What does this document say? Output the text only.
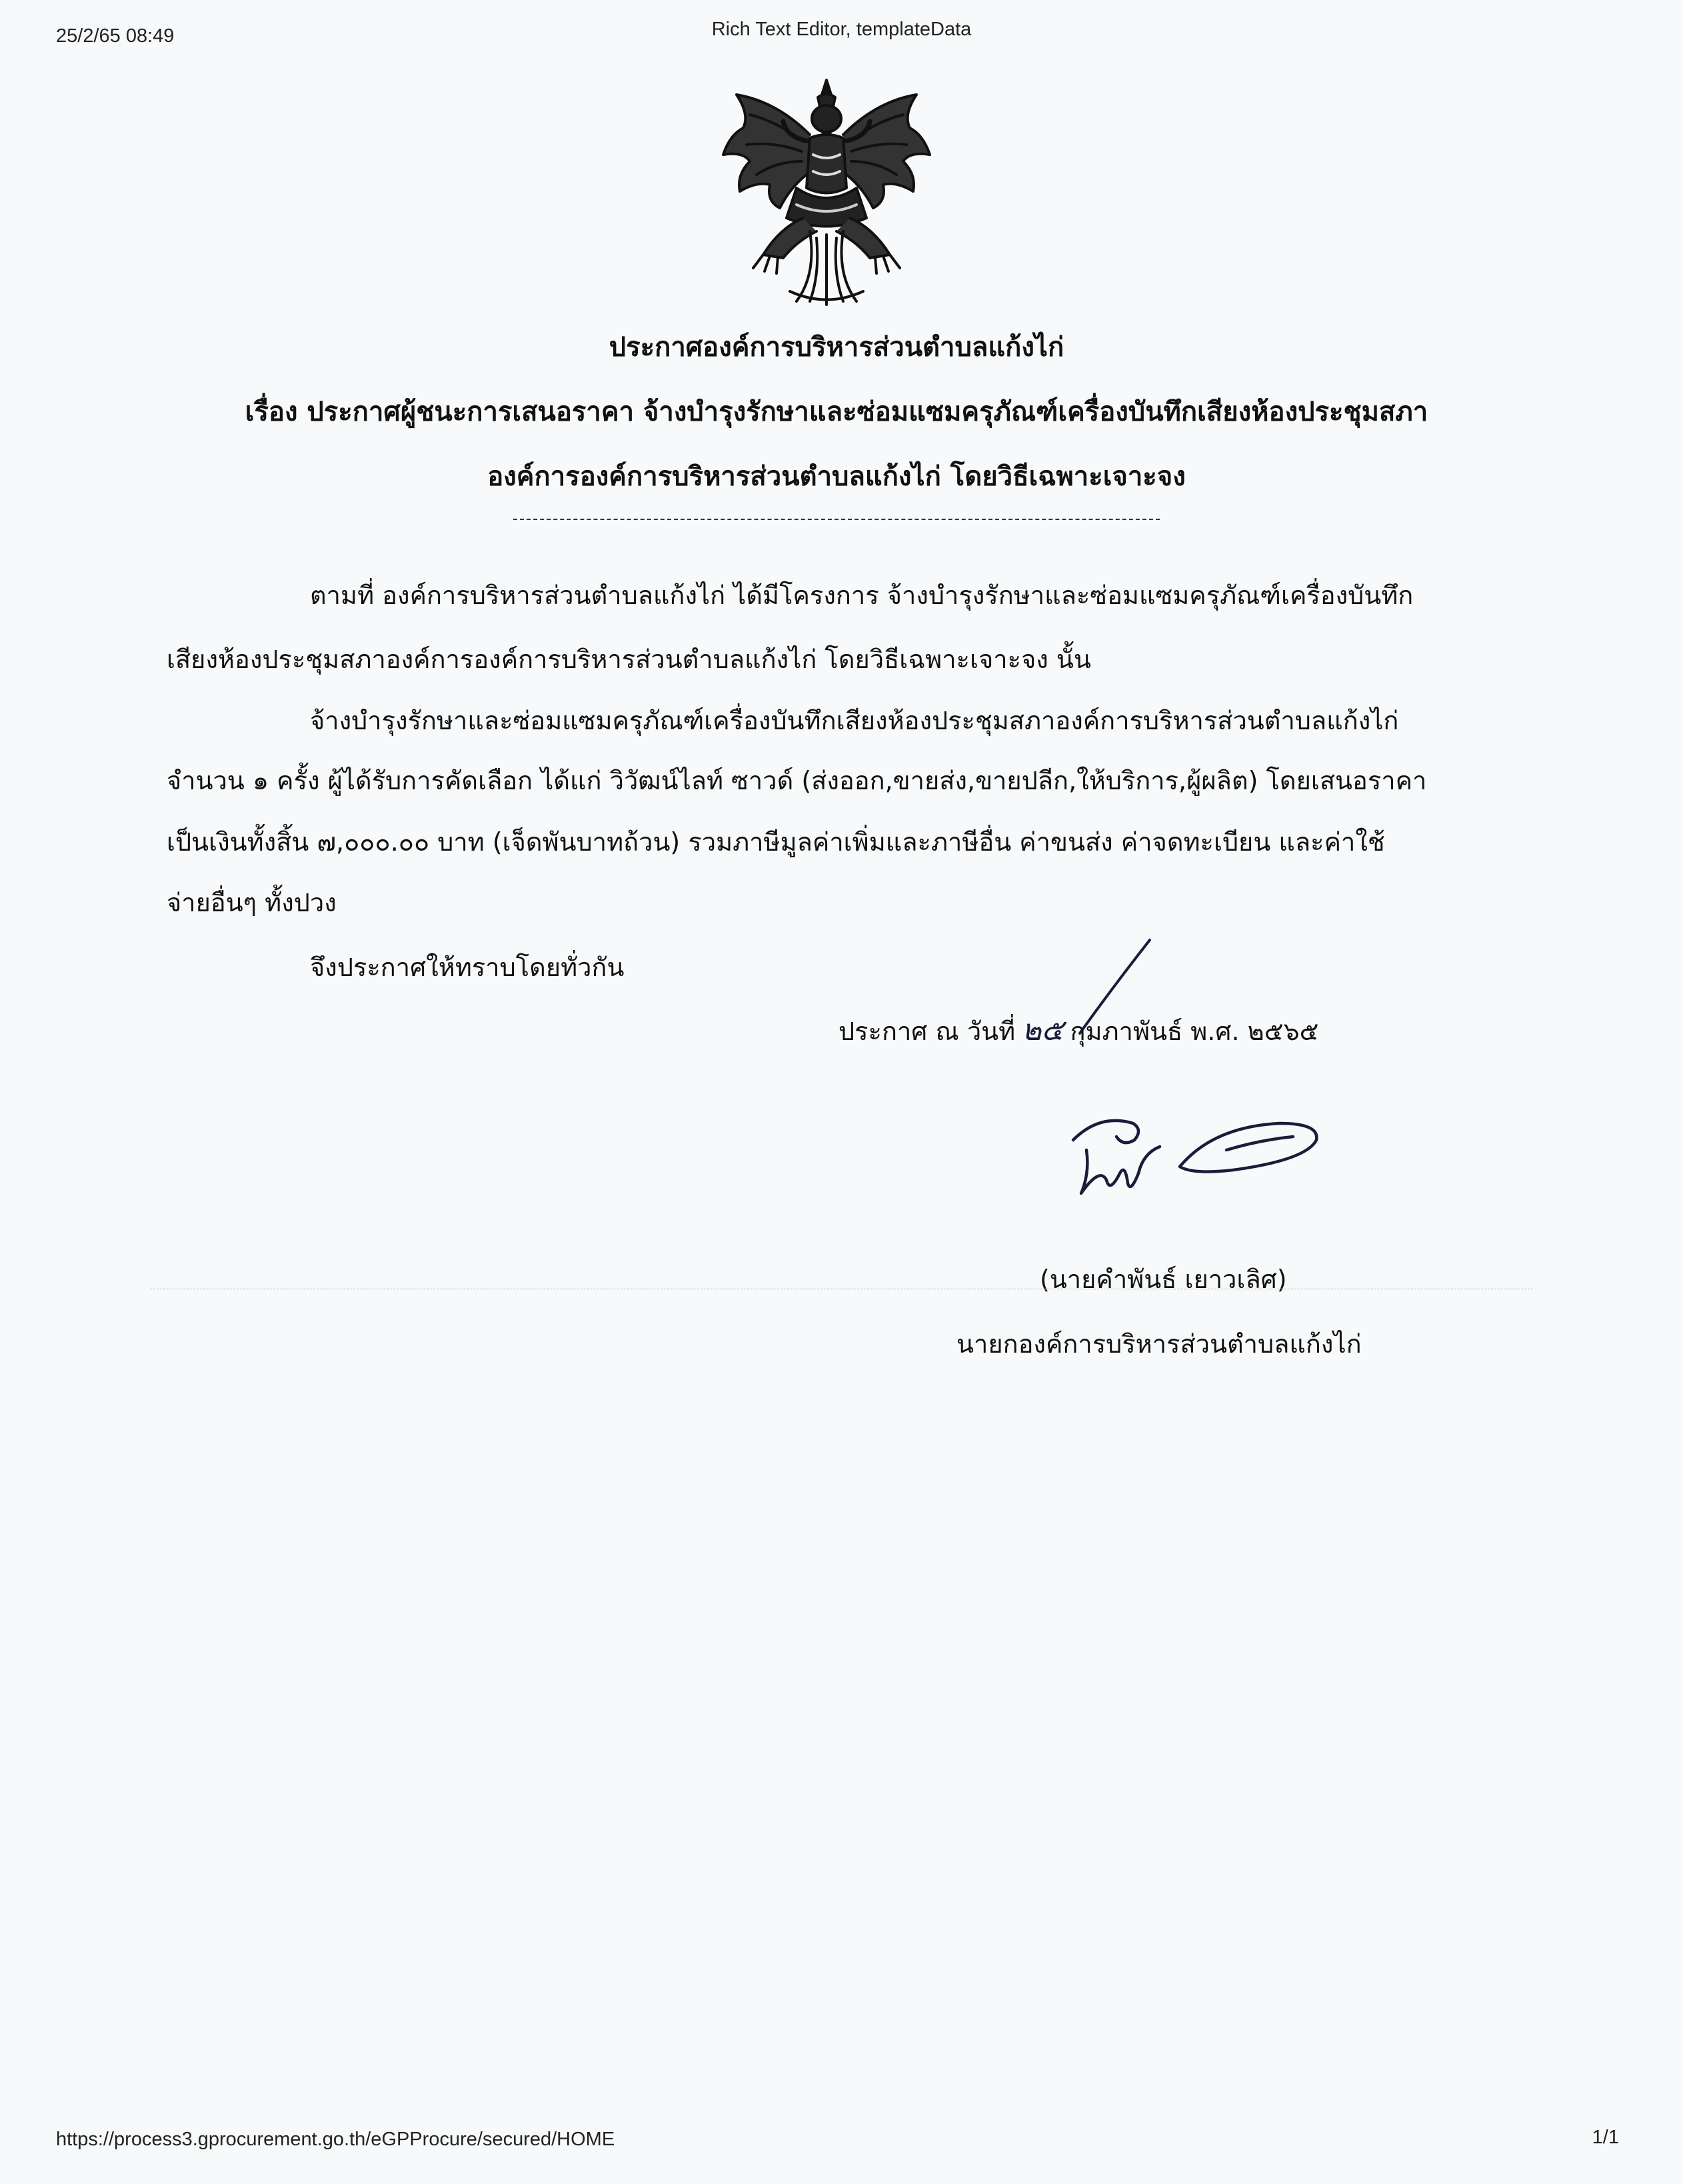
25/2/65 08:49	Rich Text Editor, templateData
ประกาศองค์การบริหารส่วนตำบลแก้งไก่
เรื่อง ประกาศผู้ชนะการเสนอราคา จ้างบำรุงรักษาและซ่อมแซมครุภัณฑ์เครื่องบันทึกเสียงห้องประชุมสภา
องค์การองค์การบริหารส่วนตำบลแก้งไก่ โดยวิธีเฉพาะเจาะจง
ตามที่ องค์การบริหารส่วนตำบลแก้งไก่ ได้มีโครงการ จ้างบำรุงรักษาและซ่อมแซมครุภัณฑ์เครื่องบันทึก
เสียงห้องประชุมสภาองค์การองค์การบริหารส่วนตำบลแก้งไก่ โดยวิธีเฉพาะเจาะจง นั้น
จ้างบำรุงรักษาและซ่อมแซมครุภัณฑ์เครื่องบันทึกเสียงห้องประชุมสภาองค์การบริหารส่วนตำบลแก้งไก่
จำนวน ๑ ครั้ง ผู้ได้รับการคัดเลือก ได้แก่ วิวัฒน์ไลท์ ซาวด์ (ส่งออก,ขายส่ง,ขายปลีก,ให้บริการ,ผู้ผลิต) โดยเสนอราคา
เป็นเงินทั้งสิ้น ๗,๐๐๐.๐๐ บาท (เจ็ดพันบาทถ้วน) รวมภาษีมูลค่าเพิ่มและภาษีอื่น ค่าขนส่ง ค่าจดทะเบียน และค่าใช้
จ่ายอื่นๆ ทั้งปวง
จึงประกาศให้ทราบโดยทั่วกัน
ประกาศ ณ วันที่ ๒๕ กุมภาพันธ์ พ.ศ. ๒๕๖๕
(นายคำพันธ์ เยาวเลิศ)
นายกองค์การบริหารส่วนตำบลแก้งไก่
https://process3.gprocurement.go.th/eGPProcure/secured/HOME	1/1
